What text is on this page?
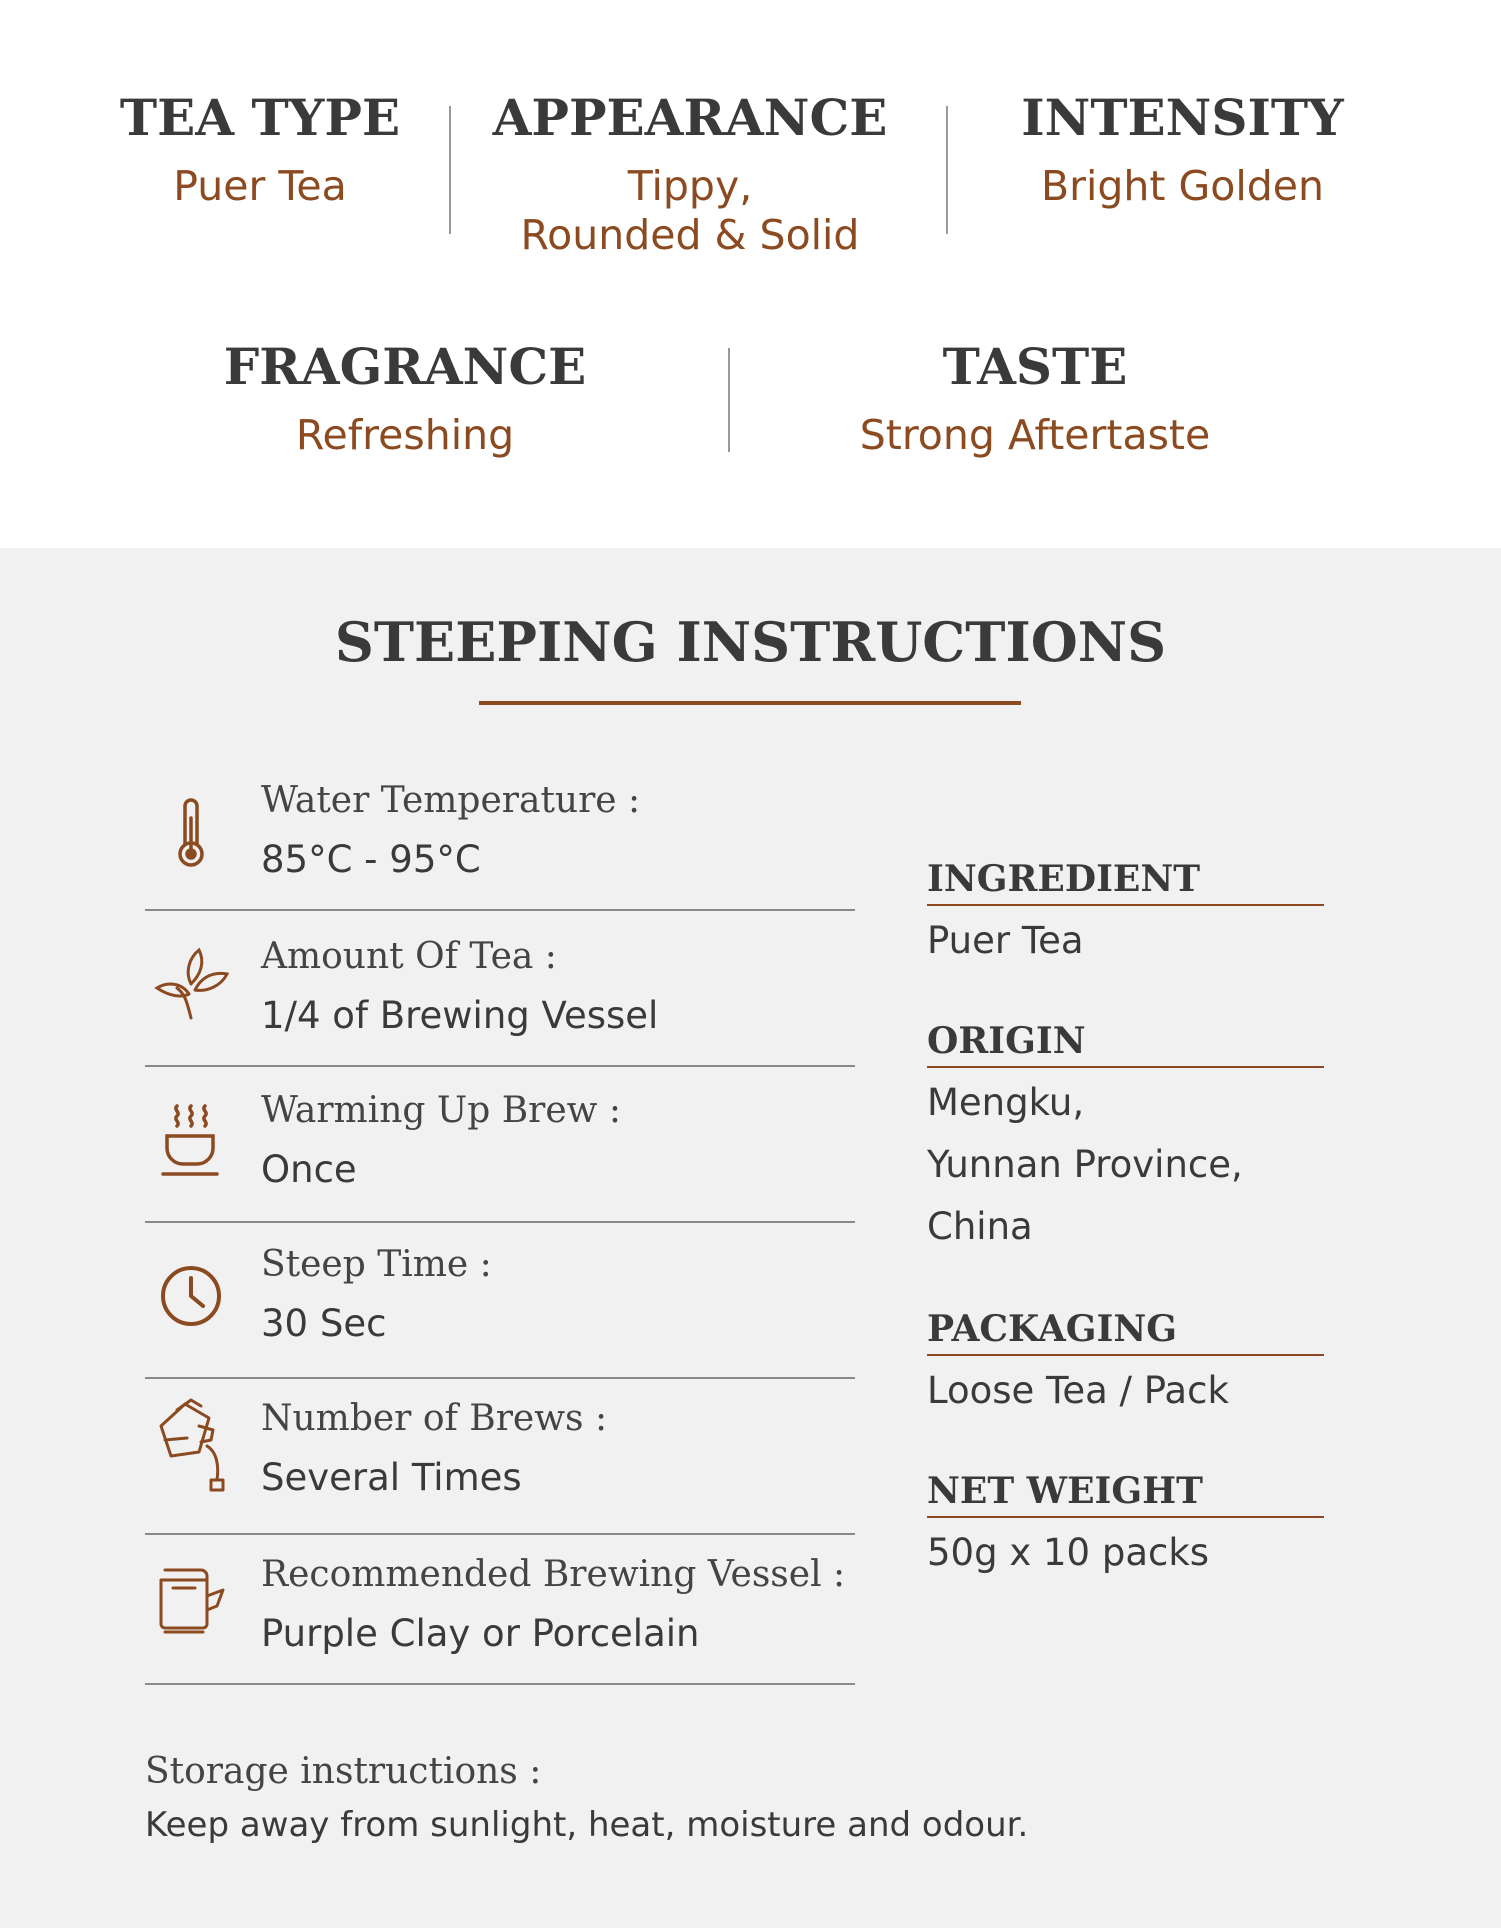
TEA TYPE
Puer Tea
APPEARANCE
Tippy,
Rounded & Solid
INTENSITY
Bright Golden
FRAGRANCE
Refreshing
TASTE
Strong Aftertaste
STEEPING INSTRUCTIONS
Water Temperature :
85°C - 95°C
Amount Of Tea :
1/4 of Brewing Vessel
Warming Up Brew :
Once
Steep Time :
30 Sec
Number of Brews :
Several Times
Recommended Brewing Vessel :
Purple Clay or Porcelain
INGREDIENT
Puer Tea
ORIGIN
Mengku,
Yunnan Province,
China
PACKAGING
Loose Tea / Pack
NET WEIGHT
50g x 10 packs
Storage instructions :
Keep away from sunlight, heat, moisture and odour.
